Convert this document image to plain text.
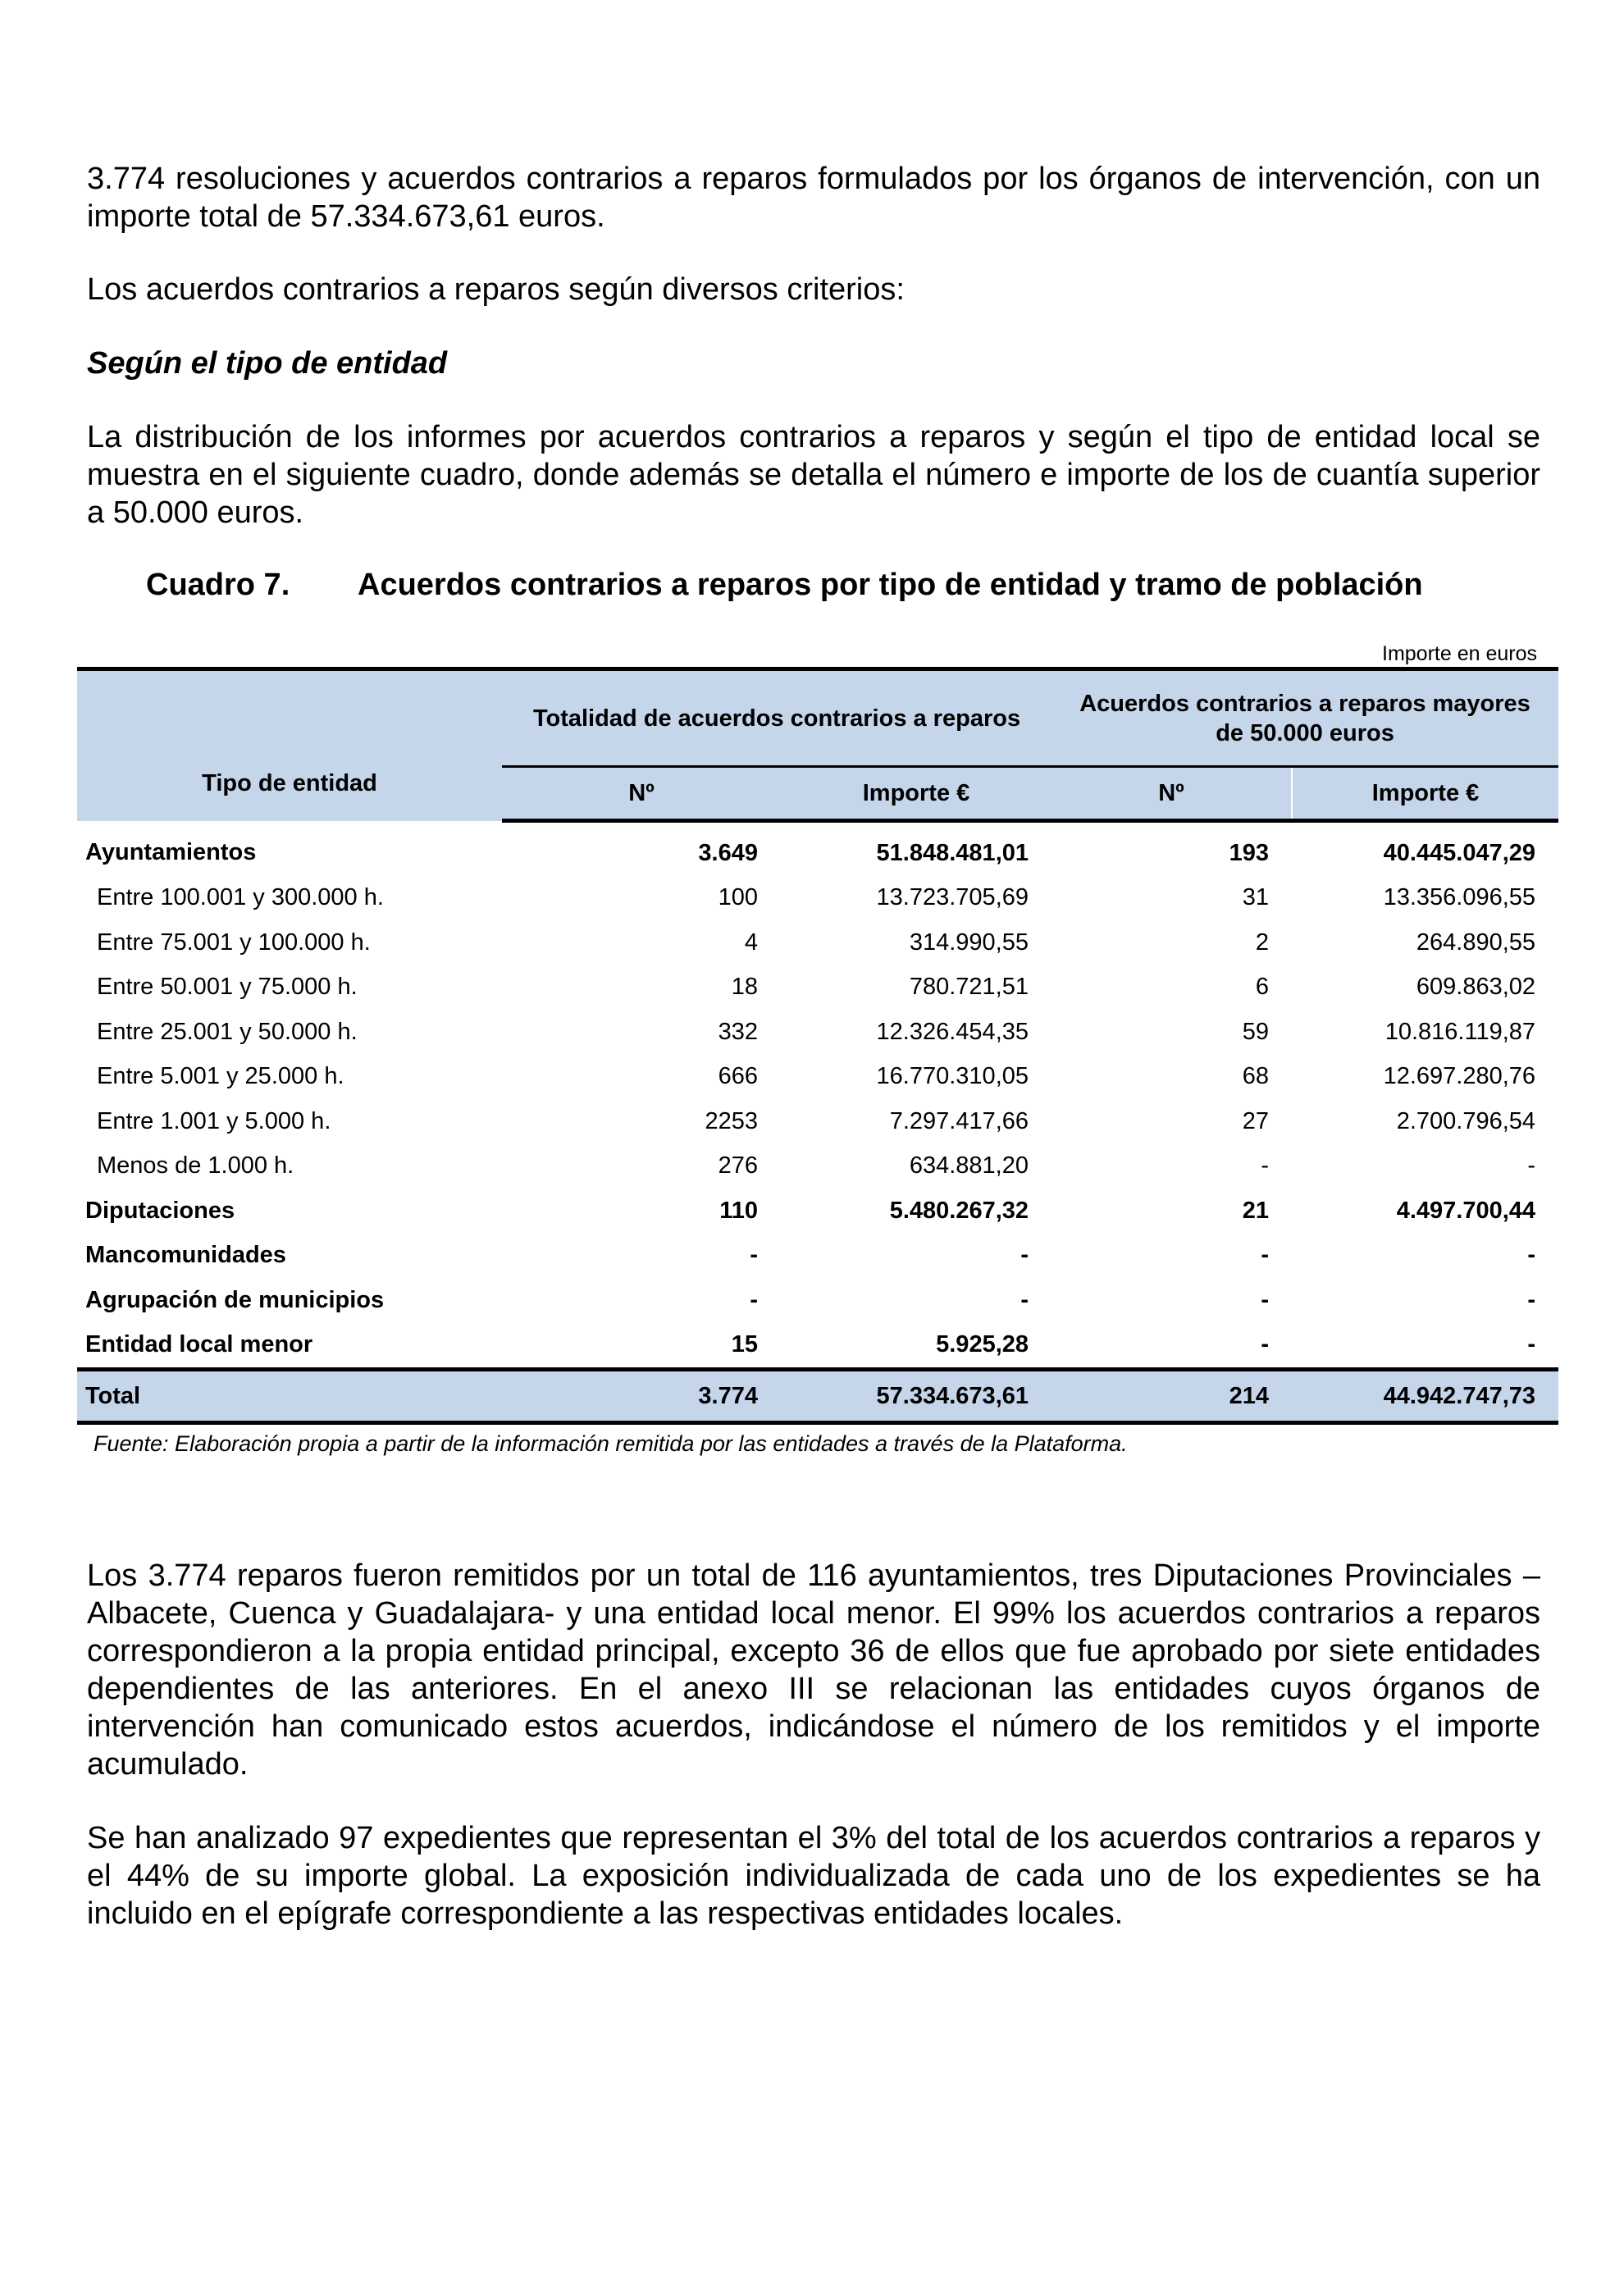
3.774 resoluciones y acuerdos contrarios a reparos formulados por los órganos de intervención, con un importe total de 57.334.673,61 euros.

Los acuerdos contrarios a reparos según diversos criterios:

Según el tipo de entidad

La distribución de los informes por acuerdos contrarios a reparos y según el tipo de entidad local se muestra en el siguiente cuadro, donde además se detalla el número e importe de los de cuantía superior a 50.000 euros.

Cuadro 7. Acuerdos contrarios a reparos por tipo de entidad y tramo de población

Importe en euros
Tipo de entidad	Totalidad de acuerdos contrarios a reparos		Acuerdos contrarios a reparos mayores de 50.000 euros	
	Nº	Importe €	Nº	Importe €
Ayuntamientos	3.649	51.848.481,01	193	40.445.047,29
Entre 100.001 y 300.000 h.	100	13.723.705,69	31	13.356.096,55
Entre 75.001 y 100.000 h.	4	314.990,55	2	264.890,55
Entre 50.001 y 75.000 h.	18	780.721,51	6	609.863,02
Entre 25.001 y 50.000 h.	332	12.326.454,35	59	10.816.119,87
Entre 5.001 y 25.000 h.	666	16.770.310,05	68	12.697.280,76
Entre 1.001 y 5.000 h.	2253	7.297.417,66	27	2.700.796,54
Menos de 1.000 h.	276	634.881,20	-	-
Diputaciones	110	5.480.267,32	21	4.497.700,44
Mancomunidades	-	-	-	-
Agrupación de municipios	-	-	-	-
Entidad local menor	15	5.925,28	-	-
Total	3.774	57.334.673,61	214	44.942.747,73

Fuente: Elaboración propia a partir de la información remitida por las entidades a través de la Plataforma.

Los 3.774 reparos fueron remitidos por un total de 116 ayuntamientos, tres Diputaciones Provinciales –Albacete, Cuenca y Guadalajara- y una entidad local menor. El 99% los acuerdos contrarios a reparos correspondieron a la propia entidad principal, excepto 36 de ellos que fue aprobado por siete entidades dependientes de las anteriores. En el anexo III se relacionan las entidades cuyos órganos de intervención han comunicado estos acuerdos, indicándose el número de los remitidos y el importe acumulado.

Se han analizado 97 expedientes que representan el 3% del total de los acuerdos contrarios a reparos y el 44% de su importe global. La exposición individualizada de cada uno de los expedientes se ha incluido en el epígrafe correspondiente a las respectivas entidades locales.
